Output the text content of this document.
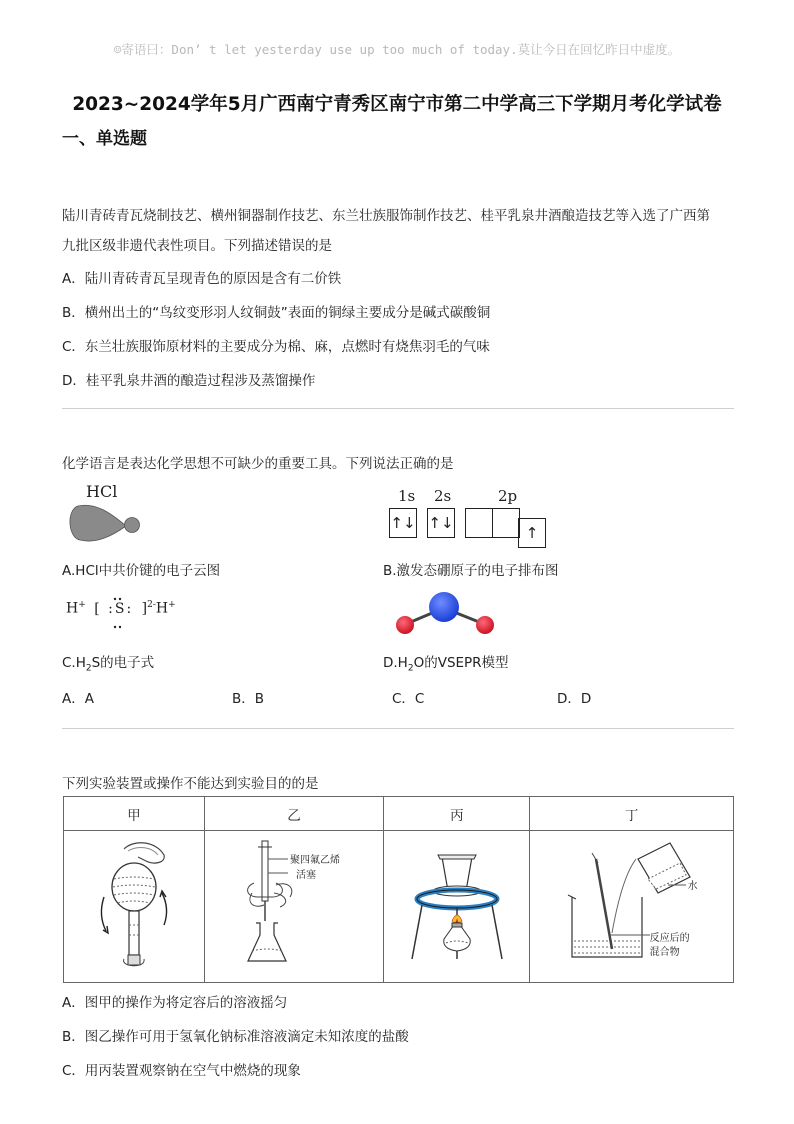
☺寄语曰：Don’ t let yesterday use up too much of today.莫让今日在回忆昨日中虚度。
2023~2024学年5月广西南宁青秀区南宁市第二中学高三下学期月考化学试卷
一、单选题
陆川青砖青瓦烧制技艺、横州铜器制作技艺、东兰壮族服饰制作技艺、桂平乳泉井酒酿造技艺等入选了广西第
九批区级非遗代表性项目。下列描述错误的是
A．陆川青砖青瓦呈现青色的原因是含有二价铁
B．横州出土的“鸟纹变形羽人纹铜鼓”表面的铜绿主要成分是碱式碳酸铜
C．东兰壮族服饰原材料的主要成分为棉、麻，点燃时有烧焦羽毛的气味
D．桂平乳泉井酒的酿造过程涉及蒸馏操作
化学语言是表达化学思想不可缺少的重要工具。下列说法正确的是
HCl	1s 2s	2p
↑↓ ↑↓
↑
A.HCl中共价键的电子云图	B.激发态硼原子的电子排布图
H+ [ :S: ]$^{2-}$H+
$C.H_2S$的电子式	$D.H_2O$的VSEPR模型
A．A	B．B	C．C	D．D
下列实验装置或操作不能达到实验目的的是
甲	乙	丙	丁

聚四氟乙烯
活塞		水
反应后的
混合物
A．图甲的操作为将定容后的溶液摇匀
B．图乙操作可用于氢氧化钠标准溶液滴定未知浓度的盐酸
C．用丙装置观察钠在空气中燃烧的现象
